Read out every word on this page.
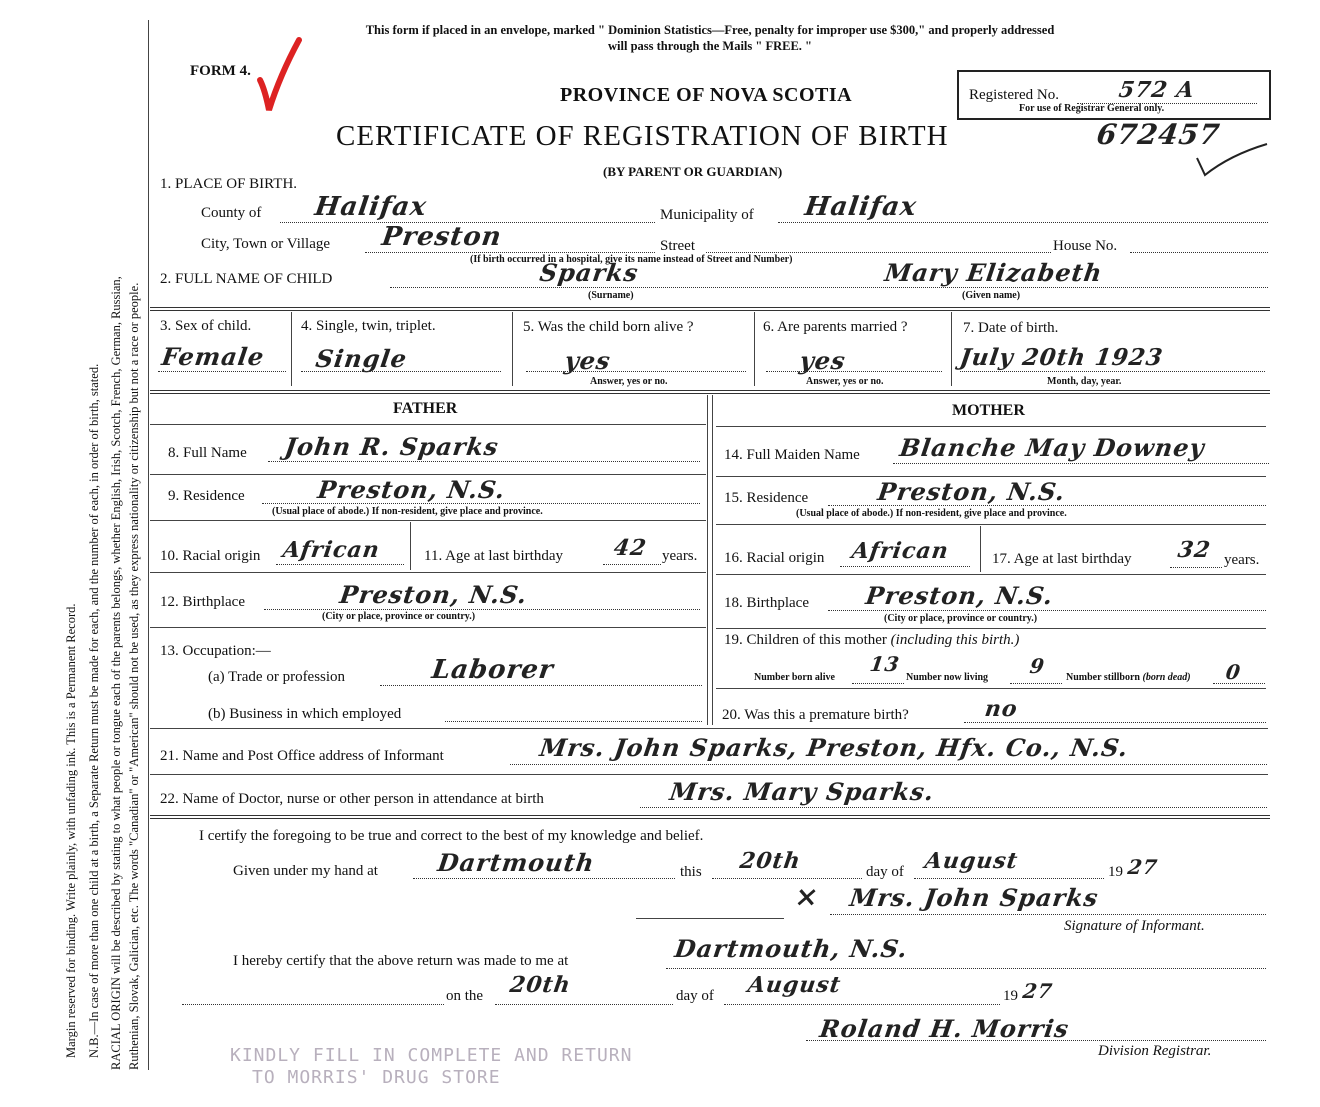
Margin reserved for binding. Write plainly, with unfading ink. This is a Permanent Record. N.B.—In case of more than one child at a birth, a Separate Return must be made for each, and the number of each, in order of birth, stated. RACIAL ORIGIN will be described by stating to what people or tongue each of the parents belongs, whether English, Irish, Scotch, French, German, Russian, Ruthenian, Slovak, Galician, etc. The words "Canadian" or "American" should not be used, as they express nationality or citizenship but not a race or people.
This form if placed in an envelope, marked " Dominion Statistics—Free, penalty for improper use $300," and properly addressed
will pass through the Mails " FREE. "
FORM 4.
PROVINCE OF NOVA SCOTIA	Registered No.	572 A
For use of Registrar General only.
CERTIFICATE OF REGISTRATION OF BIRTH	672457
(BY PARENT OR GUARDIAN)
1. PLACE OF BIRTH.
County of Halifax	Municipality of Halifax
City, Town or Village Preston	Street	House No.
(If birth occurred in a hospital, give its name instead of Street and Number)
2. FULL NAME OF CHILD	Sparks
(Surname)
Mary Elizabeth
(Given name)
3. Sex of child.
Female
4. Single, twin, triplet.
Single
5. Was the child born alive ?
yes
Answer, yes or no.
6. Are parents married ?
yes
Answer, yes or no.
7. Date of birth.
July 20th 1923
Month, day, year.
FATHER	MOTHER
8. Full Name John R. Sparks
9. Residence	Preston, N.S.
(Usual place of abode.) If non-resident, give place and province.
10. Racial origin African	11. Age at last birthday 42 years.
12. Birthplace	Preston, N.S.
(City or place, province or country.)
13. Occupation:—
(a) Trade or profession	Laborer
(b) Business in which employed
14. Full Maiden Name Blanche May Downey
15. Residence	Preston, N.S.
(Usual place of abode.) If non-resident, give place and province.
16. Racial origin African	17. Age at last birthday 32 years.
18. Birthplace Preston, N.S.
(City or place, province or country.)
19. Children of this mother (including this birth.)
Number born alive
13
Number now living 9 Number stillborn (born dead) 0
20. Was this a premature birth?	no
21. Name and Post Office address of Informant	Mrs. John Sparks, Preston, Hfx. Co., N.S.
22. Name of Doctor, nurse or other person in attendance at birth	Mrs. Mary Sparks.
I certify the foregoing to be true and correct to the best of my knowledge and belief.
Given under my hand at Dartmouth	this 20th	day of August	19 27
× Mrs. John Sparks
Signature of Informant.
I hereby certify that the above return was made to me at	Dartmouth, N.S.
on the 20th	day of August	19 27
Roland H. Morris
Division Registrar.
KINDLY FILL IN COMPLETE AND RETURN
TO MORRIS' DRUG STORE
